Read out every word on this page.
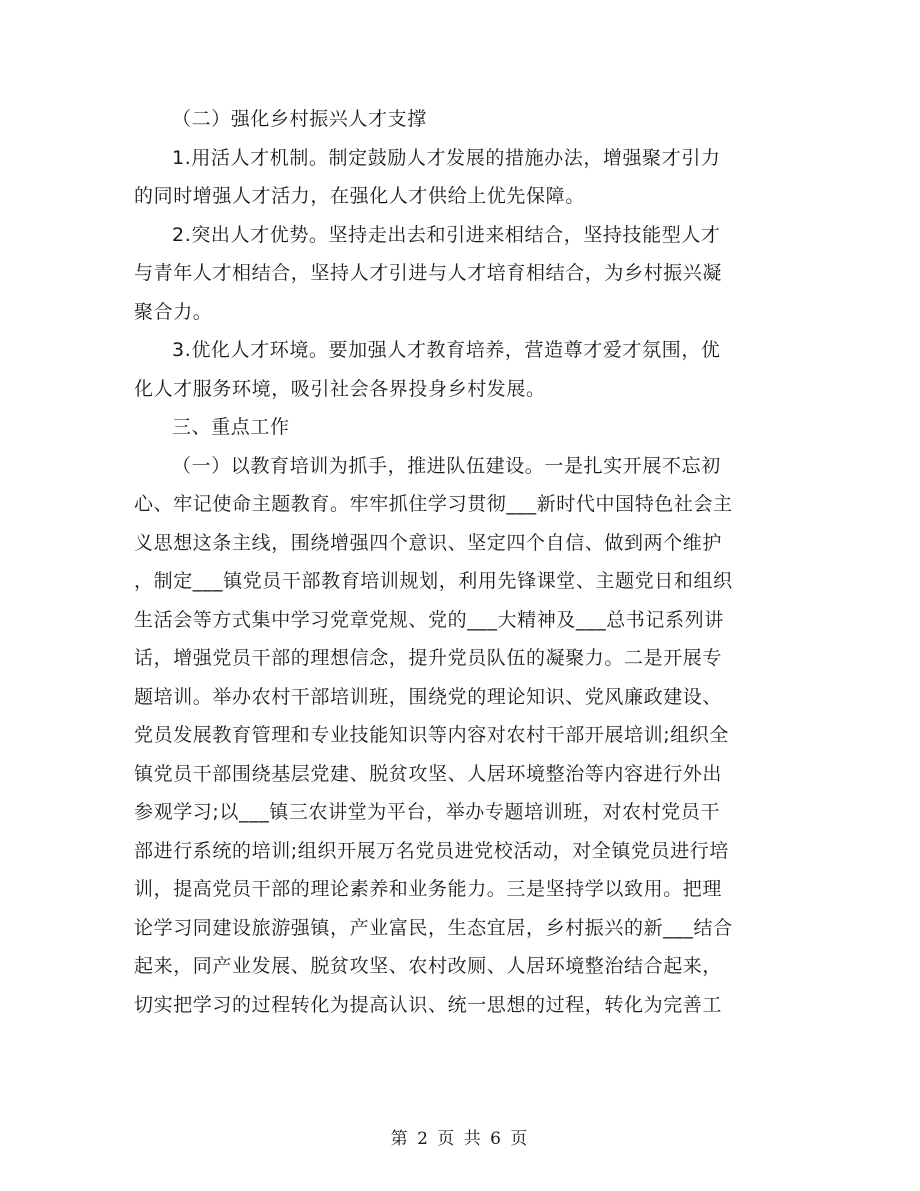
（二）强化乡村振兴人才支撑
1.用活人才机制。制定鼓励人才发展的措施办法，增强聚才引力
的同时增强人才活力，在强化人才供给上优先保障。
2.突出人才优势。坚持走出去和引进来相结合，坚持技能型人才
与青年人才相结合，坚持人才引进与人才培育相结合，为乡村振兴凝
聚合力。
3.优化人才环境。要加强人才教育培养，营造尊才爱才氛围，优
化人才服务环境，吸引社会各界投身乡村发展。
三、重点工作
（一）以教育培训为抓手，推进队伍建设。一是扎实开展不忘初
心、牢记使命主题教育。牢牢抓住学习贯彻___新时代中国特色社会主
义思想这条主线，围绕增强四个意识、坚定四个自信、做到两个维护
，制定___镇党员干部教育培训规划，利用先锋课堂、主题党日和组织
生活会等方式集中学习党章党规、党的___大精神及___总书记系列讲
话，增强党员干部的理想信念，提升党员队伍的凝聚力。二是开展专
题培训。举办农村干部培训班，围绕党的理论知识、党风廉政建设、
党员发展教育管理和专业技能知识等内容对农村干部开展培训;组织全
镇党员干部围绕基层党建、脱贫攻坚、人居环境整治等内容进行外出
参观学习;以___镇三农讲堂为平台，举办专题培训班，对农村党员干
部进行系统的培训;组织开展万名党员进党校活动，对全镇党员进行培
训，提高党员干部的理论素养和业务能力。三是坚持学以致用。把理
论学习同建设旅游强镇，产业富民，生态宜居，乡村振兴的新___结合
起来，同产业发展、脱贫攻坚、农村改厕、人居环境整治结合起来，
切实把学习的过程转化为提高认识、统一思想的过程，转化为完善工
第 2 页 共 6 页
